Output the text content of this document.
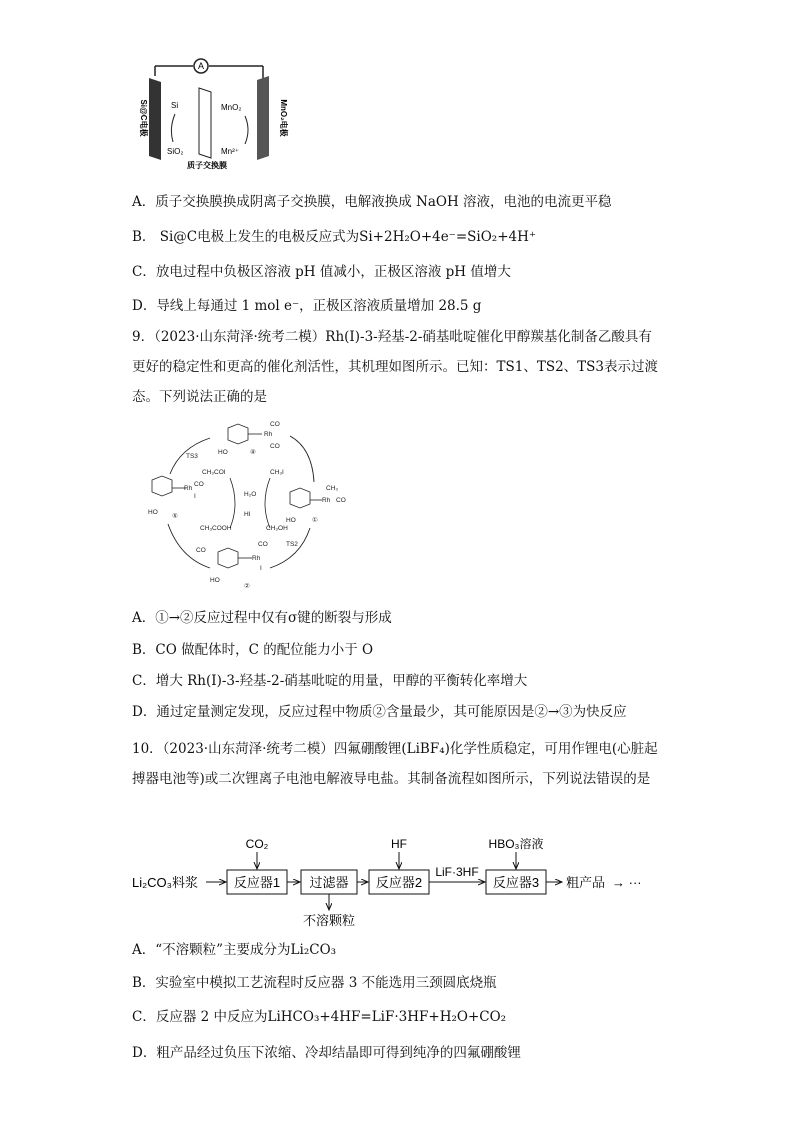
A
Si@C电极	MnO₂电极
Si
SiO₂
MnO₂
Mn²⁺
质子交换膜
A．质子交换膜换成阴离子交换膜，电解液换成 NaOH 溶液，电池的电流更平稳
B． Si@C电极上发生的电极反应式为Si+2H₂O+4e⁻=SiO₂+4H⁺
C．放电过程中负极区溶液 pH 值减小，正极区溶液 pH 值增大
D．导线上每通过 1 mol e⁻，正极区溶液质量增加 28.5 g
9．（2023·山东菏泽·统考二模）Rh(I)-3-羟基-2-硝基吡啶催化甲醇羰基化制备乙酸具有更好的稳定性和更高的催化剂活性，其机理如图所示。已知：TS1、TS2、TS3表示过渡态。下列说法正确的是
Rh
CO
CO
HO	④
Rh
CO
I
HO
⑤
Rh
CH₃
CO
HO	①
Rh
CO
I
HO
②
TS3
TS2
CH₃COI	CH₃I
H₂O
HI
CH₃COOH	CH₃OH
CO
A．①→②反应过程中仅有σ键的断裂与形成
B．CO 做配体时，C 的配位能力小于 O
C．增大 Rh(I)-3-羟基-2-硝基吡啶的用量，甲醇的平衡转化率增大
D．通过定量测定发现，反应过程中物质②含量最少，其可能原因是②→③为快反应
10．（2023·山东菏泽·统考二模）四氟硼酸锂(LiBF₄)化学性质稳定，可用作锂电(心脏起搏器电池等)或二次锂离子电池电解液导电盐。其制备流程如图所示，下列说法错误的是
Li₂CO₃料浆	反应器1
CO₂
过滤器
不溶颗粒
反应器2
HF
LiF·3HF
反应器3
HBO₃溶液
粗产品 → ···
A．“不溶颗粒”主要成分为Li₂CO₃
B．实验室中模拟工艺流程时反应器 3 不能选用三颈圆底烧瓶
C．反应器 2 中反应为LiHCO₃+4HF=LiF·3HF+H₂O+CO₂
D．粗产品经过负压下浓缩、冷却结晶即可得到纯净的四氟硼酸锂
